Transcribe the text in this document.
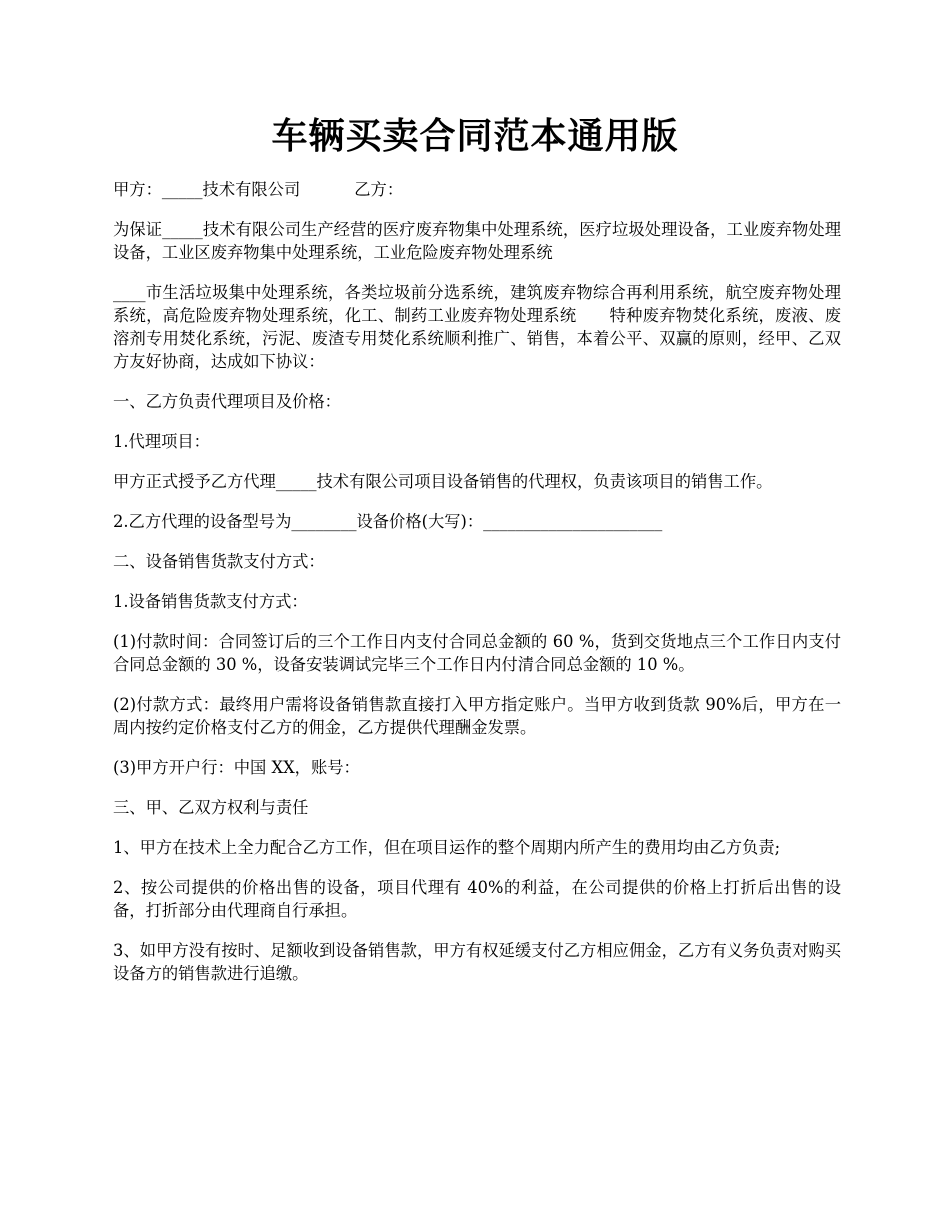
车辆买卖合同范本通用版

甲方：_____技术有限公司	乙方：

为保证_____技术有限公司生产经营的医疗废弃物集中处理系统，医疗垃圾处理设备，工业废弃物处理设备，工业区废弃物集中处理系统，工业危险废弃物处理系统

____市生活垃圾集中处理系统，各类垃圾前分选系统，建筑废弃物综合再利用系统，航空废弃物处理系统，高危险废弃物处理系统，化工、制药工业废弃物处理系统　　特种废弃物焚化系统，废液、废溶剂专用焚化系统，污泥、废渣专用焚化系统顺利推广、销售，本着公平、双赢的原则，经甲、乙双方友好协商，达成如下协议：

一、乙方负责代理项目及价格：

1.代理项目：

甲方正式授予乙方代理_____技术有限公司项目设备销售的代理权，负责该项目的销售工作。

2.乙方代理的设备型号为________设备价格(大写)：______________________

二、设备销售货款支付方式：

1.设备销售货款支付方式：

(1)付款时间：合同签订后的三个工作日内支付合同总金额的 60 %，货到交货地点三个工作日内支付合同总金额的 30 %，设备安装调试完毕三个工作日内付清合同总金额的 10 %。

(2)付款方式：最终用户需将设备销售款直接打入甲方指定账户。当甲方收到货款 90%后，甲方在一周内按约定价格支付乙方的佣金，乙方提供代理酬金发票。

(3)甲方开户行：中国 XX，账号：

三、甲、乙双方权利与责任

1、甲方在技术上全力配合乙方工作，但在项目运作的整个周期内所产生的费用均由乙方负责;

2、按公司提供的价格出售的设备，项目代理有 40%的利益，在公司提供的价格上打折后出售的设备，打折部分由代理商自行承担。

3、如甲方没有按时、足额收到设备销售款，甲方有权延缓支付乙方相应佣金，乙方有义务负责对购买设备方的销售款进行追缴。
